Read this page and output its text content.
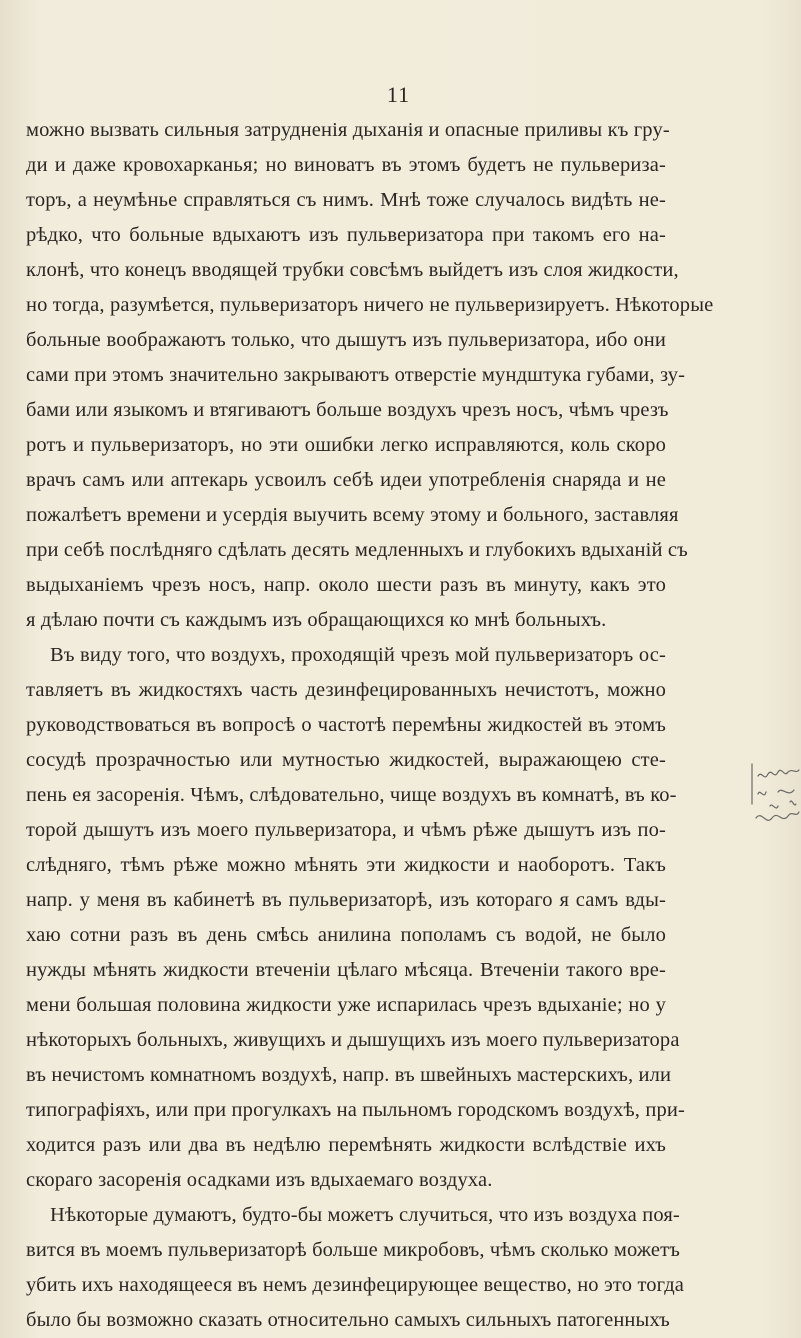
11
можно вызвать сильныя затрудненія дыханія и опасные приливы къ гру-
ди и даже кровохарканья; но виноватъ въ этомъ будетъ не пульвериза-
торъ, а неумѣнье справляться съ нимъ. Мнѣ тоже случалось видѣть не-
рѣдко, что больные вдыхаютъ изъ пульверизатора при такомъ его на-
клонѣ, что конецъ вводящей трубки совсѣмъ выйдетъ изъ слоя жидкости,
но тогда, разумѣется, пульверизаторъ ничего не пульверизируетъ. Нѣкоторые
больные воображаютъ только, что дышутъ изъ пульверизатора, ибо они
сами при этомъ значительно закрываютъ отверстіе мундштука губами, зу-
бами или языкомъ и втягиваютъ больше воздухъ чрезъ носъ, чѣмъ чрезъ
ротъ и пульверизаторъ, но эти ошибки легко исправляются, коль скоро
врачъ самъ или аптекарь усвоилъ себѣ идеи употребленія снаряда и не
пожалѣетъ времени и усердія выучить всему этому и больного, заставляя
при себѣ послѣдняго сдѣлать десять медленныхъ и глубокихъ вдыханій съ
выдыханіемъ чрезъ носъ, напр. около шести разъ въ минуту, какъ это
я дѣлаю почти съ каждымъ изъ обращающихся ко мнѣ больныхъ.
Въ виду того, что воздухъ, проходящій чрезъ мой пульверизаторъ ос-
тавляетъ въ жидкостяхъ часть дезинфецированныхъ нечистотъ, можно
руководствоваться въ вопросѣ о частотѣ перемѣны жидкостей въ этомъ
сосудѣ прозрачностью или мутностью жидкостей, выражающею сте-
пень ея засоренія. Чѣмъ, слѣдовательно, чище воздухъ въ комнатѣ, въ ко-
торой дышутъ изъ моего пульверизатора, и чѣмъ рѣже дышутъ изъ по-
слѣдняго, тѣмъ рѣже можно мѣнять эти жидкости и наоборотъ. Такъ
напр. у меня въ кабинетѣ въ пульверизаторѣ, изъ котораго я самъ вды-
хаю сотни разъ въ день смѣсь анилина пополамъ съ водой, не было
нужды мѣнять жидкости втеченіи цѣлаго мѣсяца. Втеченіи такого вре-
мени большая половина жидкости уже испарилась чрезъ вдыханіе; но у
нѣкоторыхъ больныхъ, живущихъ и дышущихъ изъ моего пульверизатора
въ нечистомъ комнатномъ воздухѣ, напр. въ швейныхъ мастерскихъ, или
типографіяхъ, или при прогулкахъ на пыльномъ городскомъ воздухѣ, при-
ходится разъ или два въ недѣлю перемѣнять жидкости вслѣдствіе ихъ
скораго засоренія осадками изъ вдыхаемаго воздуха.
Нѣкоторые думаютъ, будто-бы можетъ случиться, что изъ воздуха поя-
вится въ моемъ пульверизаторѣ больше микробовъ, чѣмъ сколько можетъ
убить ихъ находящееся въ немъ дезинфецирующее вещество, но это тогда
было бы возможно сказать относительно самыхъ сильныхъ патогенныхъ
